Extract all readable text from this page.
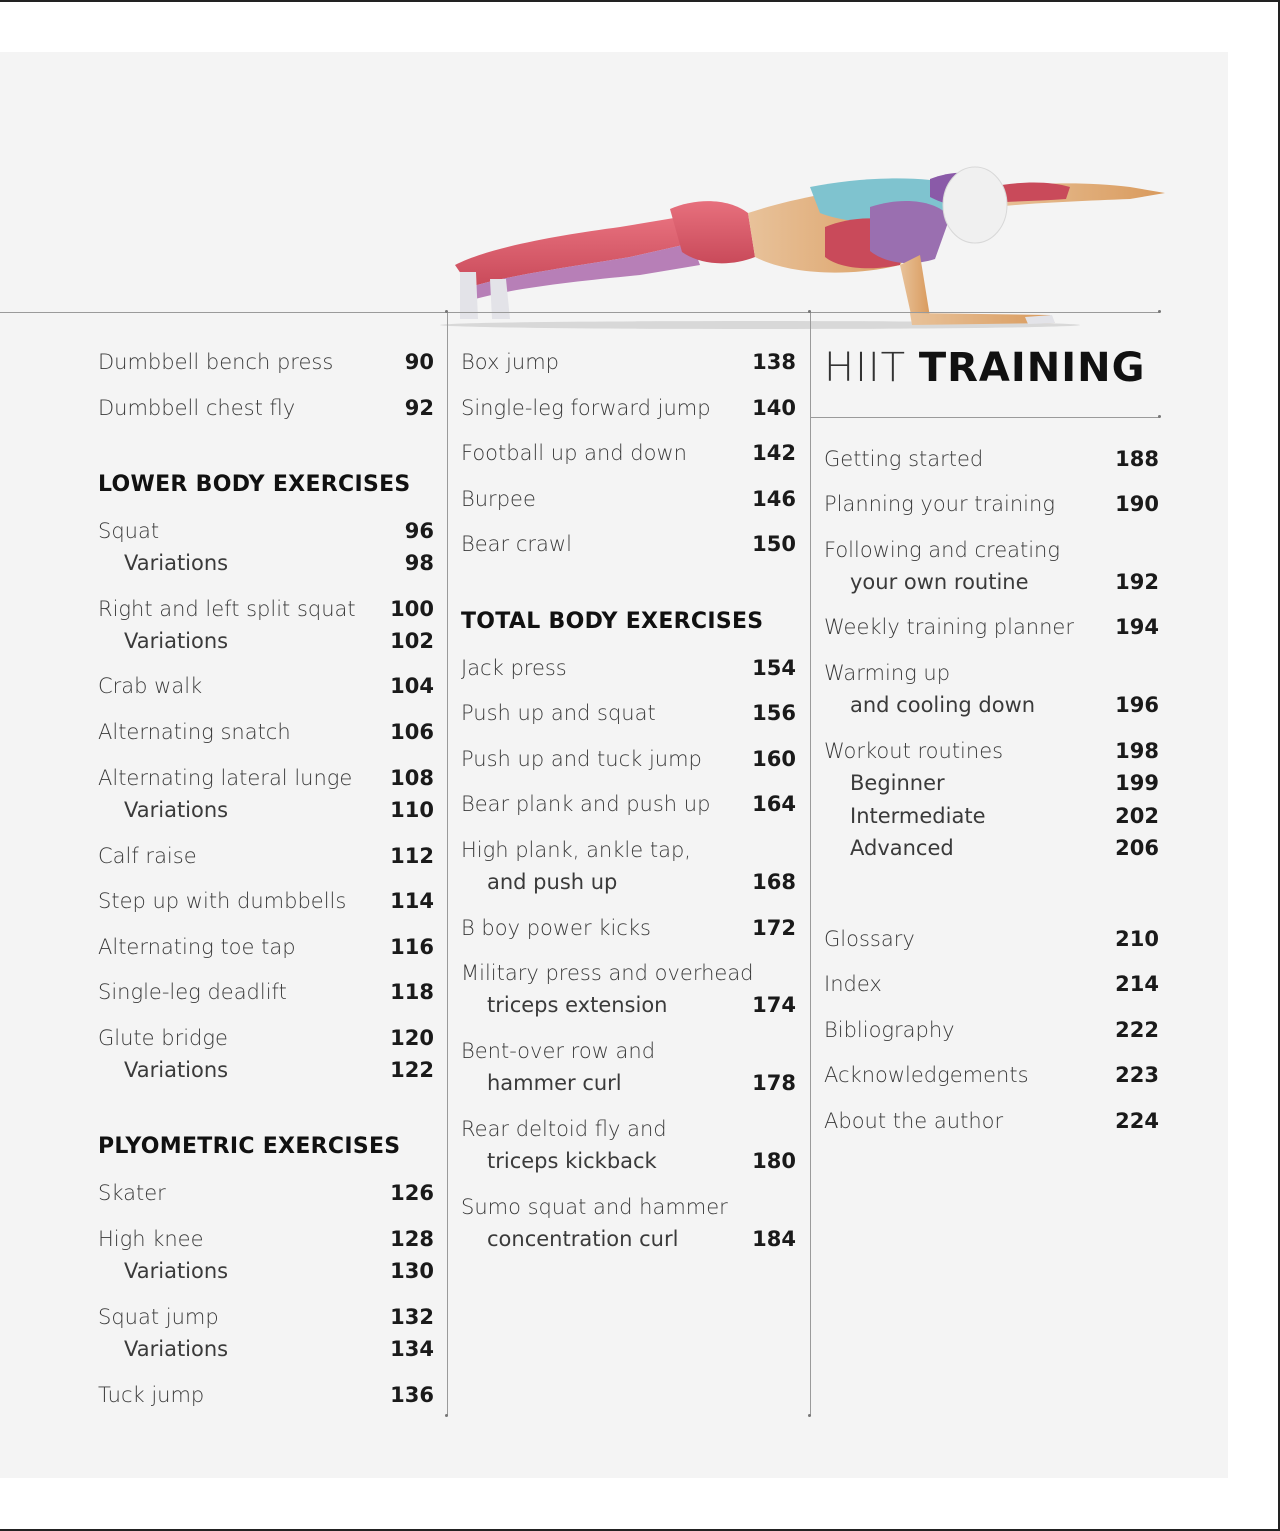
Dumbbell bench press	90
Dumbbell chest fly	92
LOWER BODY EXERCISES
Squat	96
Variations	98
Right and left split squat	100
Variations	102
Crab walk	104
Alternating snatch	106
Alternating lateral lunge	108
Variations	110
Calf raise	112
Step up with dumbbells	114
Alternating toe tap	116
Single-leg deadlift	118
Glute bridge	120
Variations	122
PLYOMETRIC EXERCISES
Skater	126
High knee	128
Variations	130
Squat jump	132
Variations	134
Tuck jump	136
Box jump	138
Single-leg forward jump	140
Football up and down	142
Burpee	146
Bear crawl	150
TOTAL BODY EXERCISES
Jack press	154
Push up and squat	156
Push up and tuck jump	160
Bear plank and push up	164
High plank, ankle tap,
and push up	168
B boy power kicks	172
Military press and overhead
triceps extension	174
Bent-over row and
hammer curl	178
Rear deltoid fly and
triceps kickback	180
Sumo squat and hammer
concentration curl	184
HIIT TRAINING
Getting started	188
Planning your training	190
Following and creating
your own routine	192
Weekly training planner	194
Warming up
and cooling down	196
Workout routines	198
Beginner	199
Intermediate	202
Advanced	206
Glossary	210
Index	214
Bibliography	222
Acknowledgements	223
About the author	224
